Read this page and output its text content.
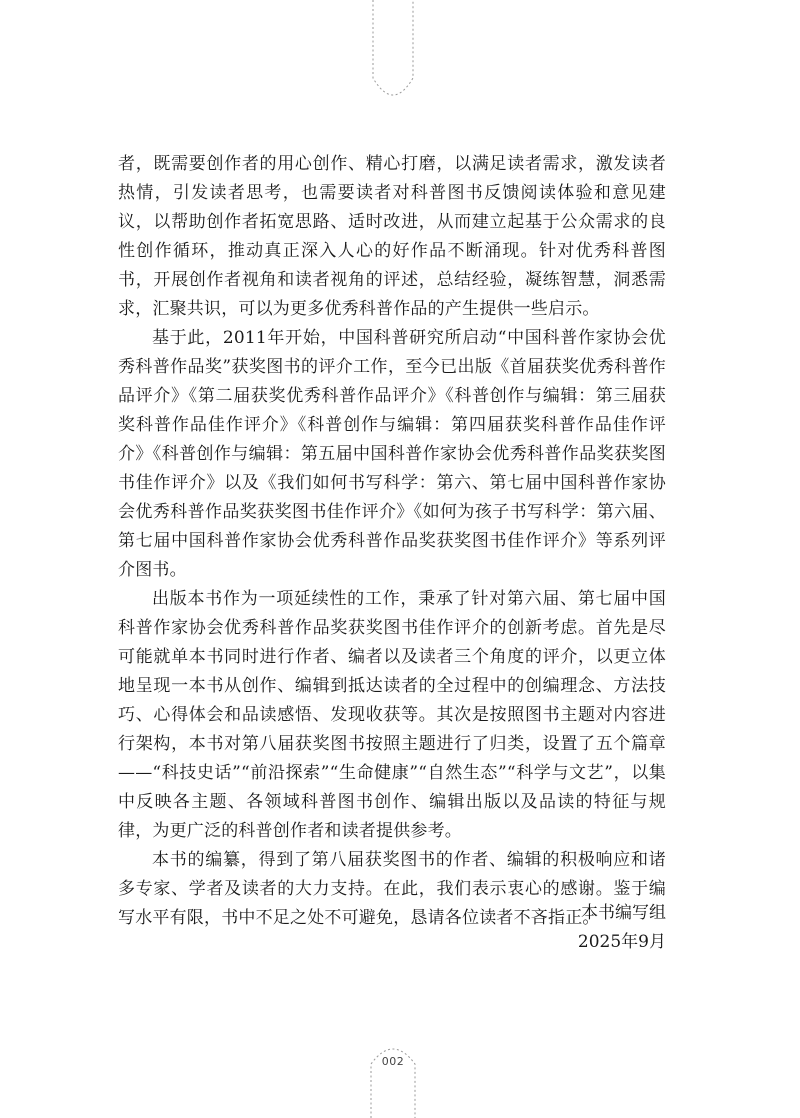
者，既需要创作者的用心创作、精心打磨，以满足读者需求，激发读者热情，引发读者思考，也需要读者对科普图书反馈阅读体验和意见建议，以帮助创作者拓宽思路、适时改进，从而建立起基于公众需求的良性创作循环，推动真正深入人心的好作品不断涌现。针对优秀科普图书，开展创作者视角和读者视角的评述，总结经验，凝练智慧，洞悉需求，汇聚共识，可以为更多优秀科普作品的产生提供一些启示。

基于此，2011年开始，中国科普研究所启动“中国科普作家协会优秀科普作品奖”获奖图书的评介工作，至今已出版《首届获奖优秀科普作品评介》《第二届获奖优秀科普作品评介》《科普创作与编辑：第三届获奖科普作品佳作评介》《科普创作与编辑：第四届获奖科普作品佳作评介》《科普创作与编辑：第五届中国科普作家协会优秀科普作品奖获奖图书佳作评介》以及《我们如何书写科学：第六、第七届中国科普作家协会优秀科普作品奖获奖图书佳作评介》《如何为孩子书写科学：第六届、第七届中国科普作家协会优秀科普作品奖获奖图书佳作评介》等系列评介图书。

出版本书作为一项延续性的工作，秉承了针对第六届、第七届中国科普作家协会优秀科普作品奖获奖图书佳作评介的创新考虑。首先是尽可能就单本书同时进行作者、编者以及读者三个角度的评介，以更立体地呈现一本书从创作、编辑到抵达读者的全过程中的创编理念、方法技巧、心得体会和品读感悟、发现收获等。其次是按照图书主题对内容进行架构，本书对第八届获奖图书按照主题进行了归类，设置了五个篇章——“科技史话”“前沿探索”“生命健康”“自然生态”“科学与文艺”，以集中反映各主题、各领域科普图书创作、编辑出版以及品读的特征与规律，为更广泛的科普创作者和读者提供参考。

本书的编纂，得到了第八届获奖图书的作者、编辑的积极响应和诸多专家、学者及读者的大力支持。在此，我们表示衷心的感谢。鉴于编写水平有限，书中不足之处不可避免，恳请各位读者不吝指正。

本书编写组
2025年9月
002
